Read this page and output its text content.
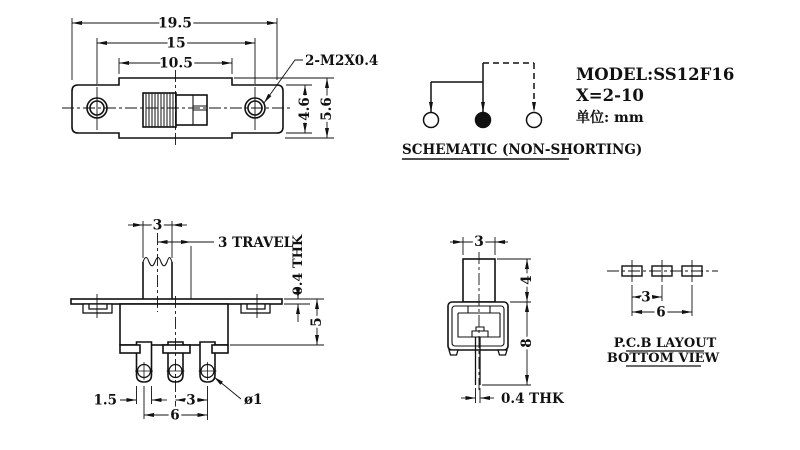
19.5
15
10.5	2-M2X0.4
4.6 5.6
SCHEMATIC (NON-SHORTING)
MODEL:SS12F16
X=2-10
单位: mm
3
3 TRAVEL
0.4 THK
5
1.5	3
6
ø1
3
4
8
0.4 THK
3
6
P.C.B LAYOUT
BOTTOM VIEW
